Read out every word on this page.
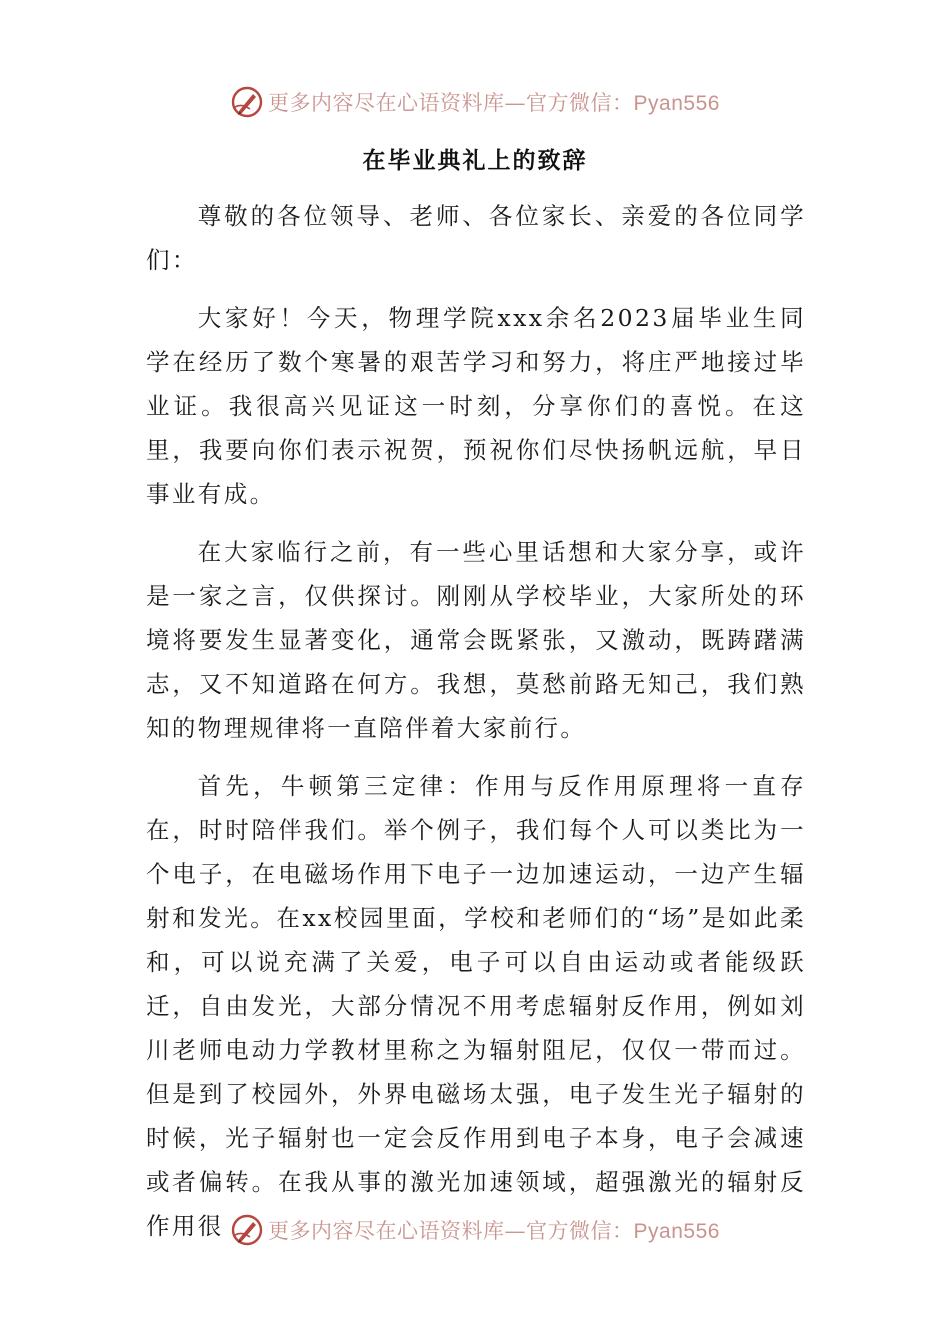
更多内容尽在心语资料库—官方微信：Pyan556
在毕业典礼上的致辞

尊敬的各位领导、老师、各位家长、亲爱的各位同学们：

大家好！今天，物理学院xxx余名2023届毕业生同学在经历了数个寒暑的艰苦学习和努力，将庄严地接过毕业证。我很高兴见证这一时刻，分享你们的喜悦。在这里，我要向你们表示祝贺，预祝你们尽快扬帆远航，早日事业有成。

在大家临行之前，有一些心里话想和大家分享，或许是一家之言，仅供探讨。刚刚从学校毕业，大家所处的环境将要发生显著变化，通常会既紧张，又激动，既踌躇满志，又不知道路在何方。我想，莫愁前路无知己，我们熟知的物理规律将一直陪伴着大家前行。

首先，牛顿第三定律：作用与反作用原理将一直存在，时时陪伴我们。举个例子，我们每个人可以类比为一个电子，在电磁场作用下电子一边加速运动，一边产生辐射和发光。在xx校园里面，学校和老师们的“场”是如此柔和，可以说充满了关爱，电子可以自由运动或者能级跃迁，自由发光，大部分情况不用考虑辐射反作用，例如刘川老师电动力学教材里称之为辐射阻尼，仅仅一带而过。但是到了校园外，外界电磁场太强，电子发生光子辐射的时候，光子辐射也一定会反作用到电子本身，电子会减速或者偏转。在我从事的激光加速领域，超强激光的辐射反作用很	更多内容尽在心语资料库—官方微信：Pyan556
